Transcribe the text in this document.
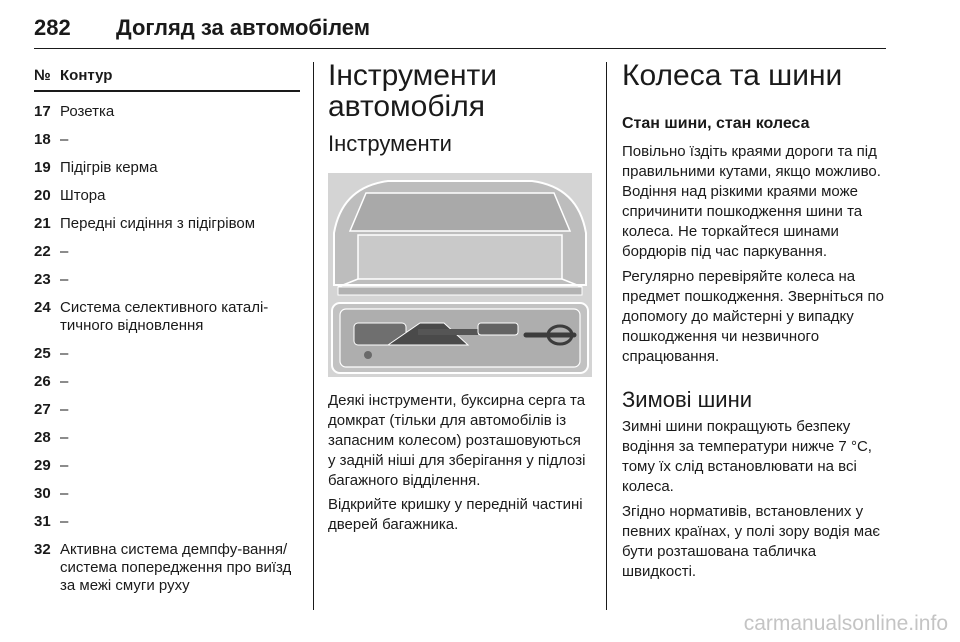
282 Догляд за автомобілем
№ Контур
17 Розетка
18 –
19 Підігрів керма
20 Штора
21 Передні сидіння з підігрівом
22 –
23 –
24 Система селективного каталі-тичного відновлення
25 –
26 –
27 –
28 –
29 –
30 –
31 –
32 Активна система демпфу-вання/система попередження про виїзд за межі смуги руху
Інструменти автомобіля
Інструменти

Деякі інструменти, буксирна серга та домкрат (тільки для автомобілів із запасним колесом) розташовуються у задній ніші для зберігання у підлозі багажного відділення.

Відкрийте кришку у передній частині дверей багажника.

Колеса та шини
Стан шини, стан колеса

Повільно їздіть краями дороги та під правильними кутами, якщо можливо. Водіння над різкими краями може спричинити пошкодження шини та колеса. Не торкайтеся шинами бордюрів під час паркування.

Регулярно перевіряйте колеса на предмет пошкодження. Зверніться по допомогу до майстерні у випадку пошкодження чи незвичного спрацювання.

Зимові шини

Зимні шини покращують безпеку водіння за температури нижче 7 °C, тому їх слід встановлювати на всі колеса.

Згідно нормативів, встановлених у певних країнах, у полі зору водія має бути розташована табличка швидкості.

carmanualsonline.info
